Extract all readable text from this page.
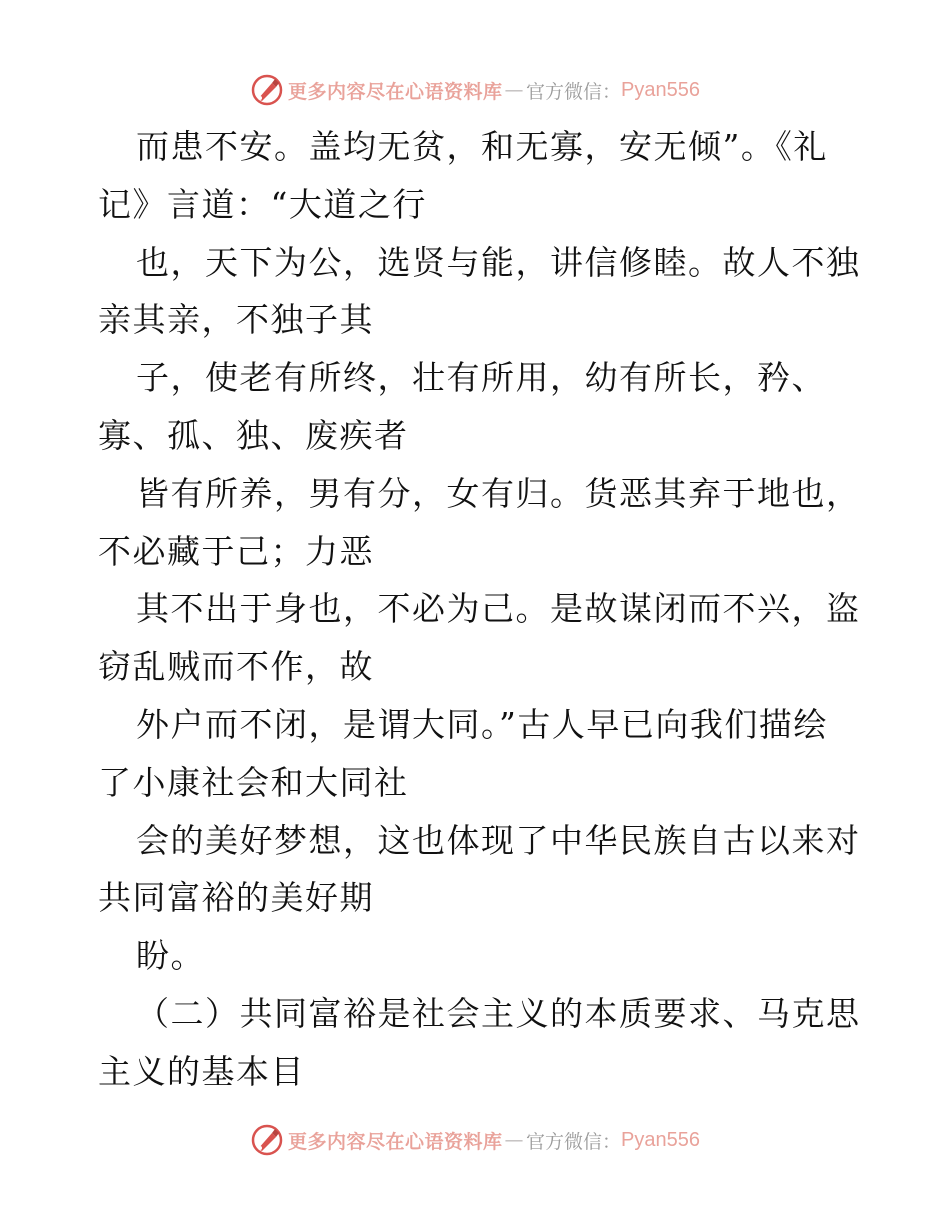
更多内容尽在心语资料库 — 官方微信： Pyan556
而患不安。盖均无贫，和无寡，安无倾”。《礼
记》言道：“大道之行
也，天下为公，选贤与能，讲信修睦。故人不独
亲其亲，不独子其
子，使老有所终，壮有所用，幼有所长，矜、
寡、孤、独、废疾者
皆有所养，男有分，女有归。货恶其弃于地也，
不必藏于己；力恶
其不出于身也，不必为己。是故谋闭而不兴，盗
窃乱贼而不作，故
外户而不闭，是谓大同。”古人早已向我们描绘
了小康社会和大同社
会的美好梦想，这也体现了中华民族自古以来对
共同富裕的美好期
盼。
（二）共同富裕是社会主义的本质要求、马克思
主义的基本目
更多内容尽在心语资料库 — 官方微信： Pyan556
